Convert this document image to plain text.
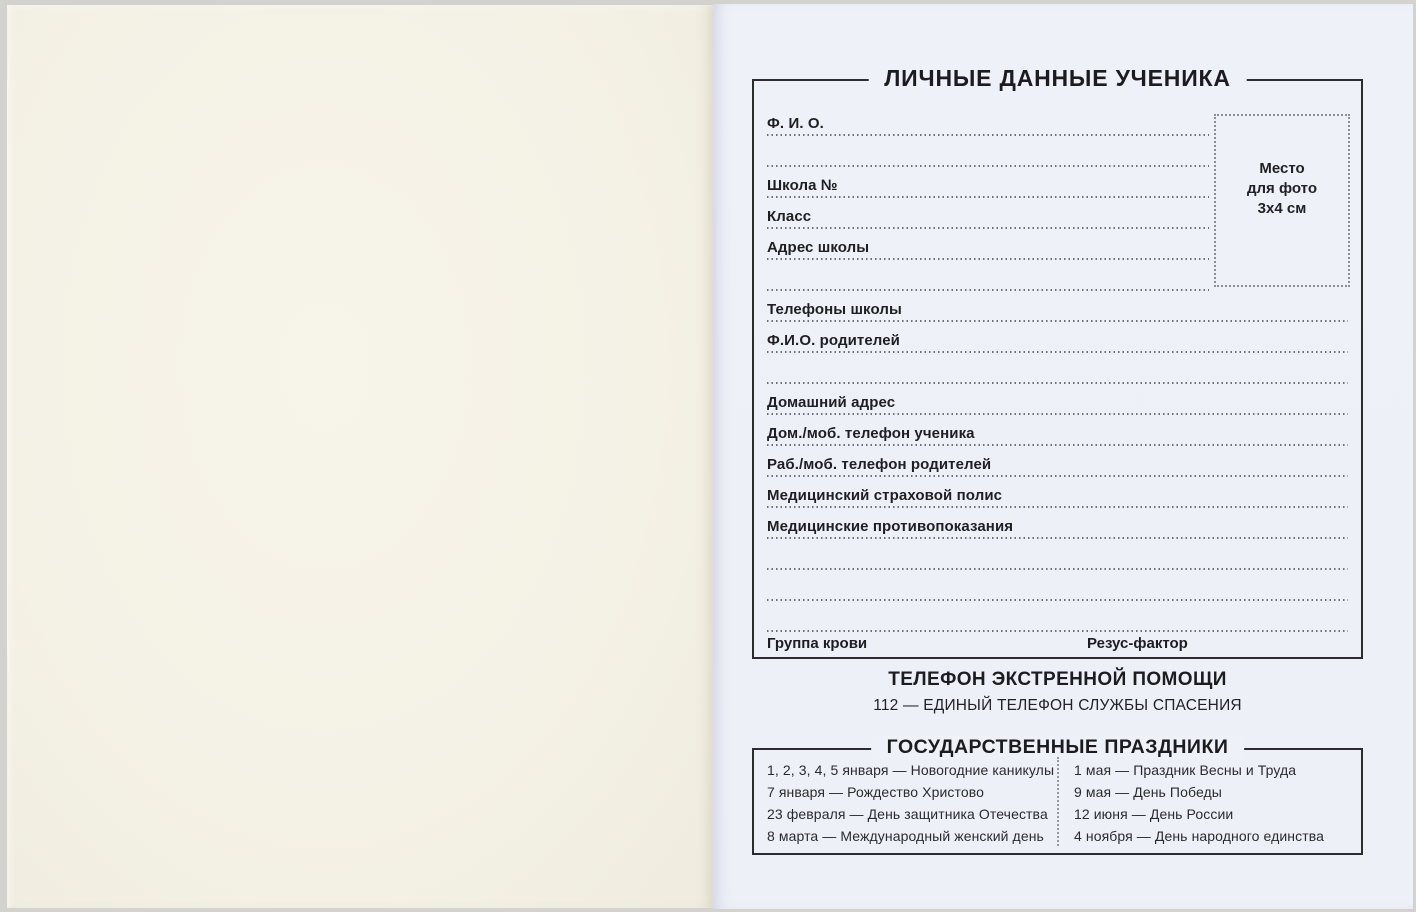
ЛИЧНЫЕ ДАННЫЕ УЧЕНИКА
Место
для фото
3х4 см
Ф. И. О.
Школа №
Класс
Адрес школы
Телефоны школы
Ф.И.О. родителей
Домашний адрес
Дом./моб. телефон ученика
Раб./моб. телефон родителей
Медицинский страховой полис
Медицинские противопоказания
Группа крови	Резус-фактор
ТЕЛЕФОН ЭКСТРЕННОЙ ПОМОЩИ
112 — ЕДИНЫЙ ТЕЛЕФОН СЛУЖБЫ СПАСЕНИЯ
ГОСУДАРСТВЕННЫЕ ПРАЗДНИКИ
1, 2, 3, 4, 5 января — Новогодние каникулы
7 января — Рождество Христово
23 февраля — День защитника Отечества
8 марта — Международный женский день
1 мая — Праздник Весны и Труда
9 мая — День Победы
12 июня — День России
4 ноября — День народного единства
